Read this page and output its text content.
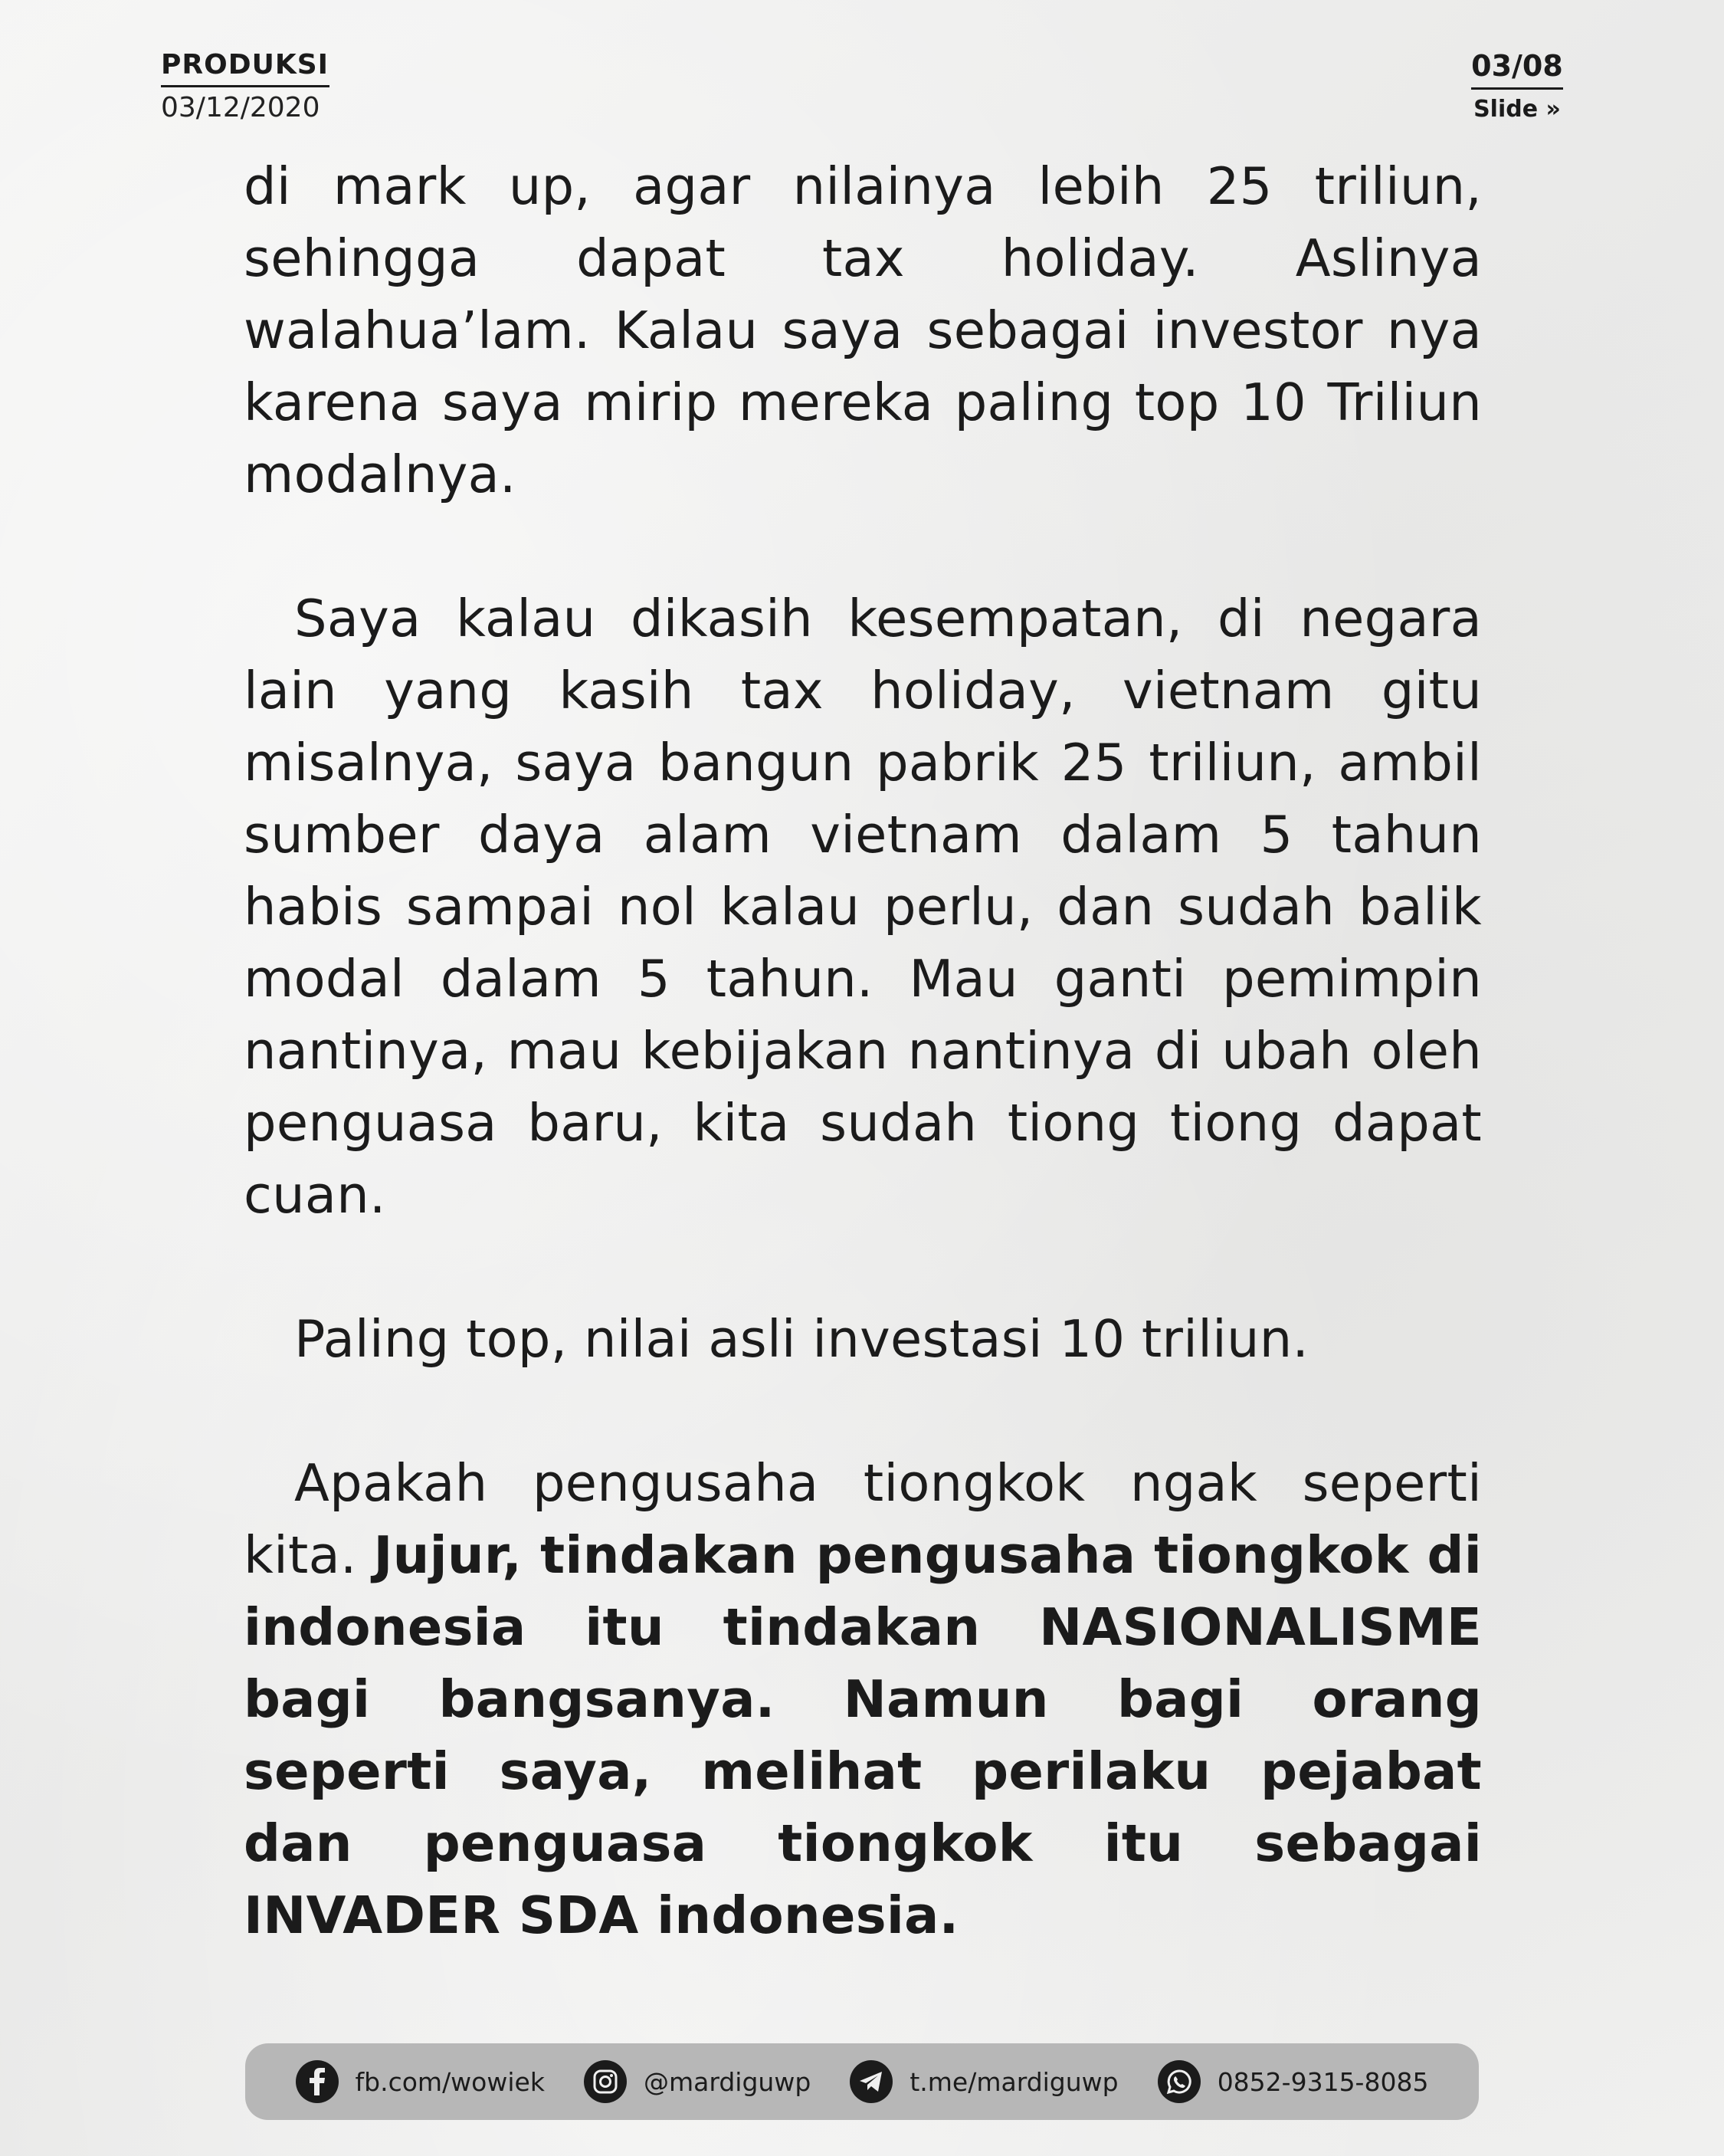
PRODUKSI
03/12/2020
03/08
Slide »

di mark up, agar nilainya lebih 25 triliun, sehingga dapat tax holiday. Aslinya walahua’lam. Kalau saya sebagai investor nya karena saya mirip mereka paling top 10 Triliun modalnya.

Saya kalau dikasih kesempatan, di negara lain yang kasih tax holiday, vietnam gitu misalnya, saya bangun pabrik 25 triliun, ambil sumber daya alam vietnam dalam 5 tahun habis sampai nol kalau perlu, dan sudah balik modal dalam 5 tahun. Mau ganti pemimpin nantinya, mau kebijakan nantinya di ubah oleh penguasa baru, kita sudah tiong tiong dapat cuan.

Paling top, nilai asli investasi 10 triliun.

Apakah pengusaha tiongkok ngak seperti kita. Jujur, tindakan pengusaha tiongkok di indonesia itu tindakan NASIONALISME bagi bangsanya. Namun bagi orang seperti saya, melihat perilaku pejabat dan penguasa tiongkok itu sebagai INVADER SDA indonesia.

fb.com/wowiek	@mardiguwp	t.me/mardiguwp	0852-9315-8085
